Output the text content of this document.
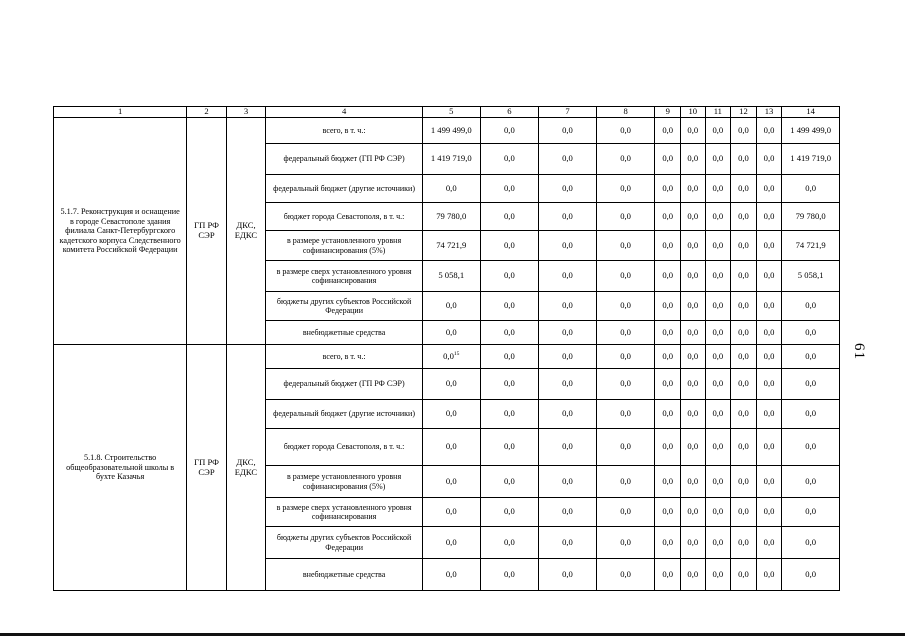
1	2	3	4	5	6	7	8	9	10	11	12	13	14
5.1.7. Реконструкция и оснащение в городе Севастополе здания филиала Санкт-Петербургского кадетского корпуса Следственного комитета Российской Федерации	ГП РФ СЭР	ДКС, ЕДКС	всего, в т. ч.:	1 499 499,0	0,0	0,0	0,0	0,0	0,0	0,0	0,0	0,0	1 499 499,0
			федеральный бюджет (ГП РФ СЭР)	1 419 719,0	0,0	0,0	0,0	0,0	0,0	0,0	0,0	0,0	1 419 719,0
			федеральный бюджет (другие источники)	0,0	0,0	0,0	0,0	0,0	0,0	0,0	0,0	0,0	0,0
			бюджет города Севастополя, в т. ч.:	79 780,0	0,0	0,0	0,0	0,0	0,0	0,0	0,0	0,0	79 780,0
			в размере установленного уровня софинансирования (5%)	74 721,9	0,0	0,0	0,0	0,0	0,0	0,0	0,0	0,0	74 721,9
			в размере сверх установленного уровня софинансирования	5 058,1	0,0	0,0	0,0	0,0	0,0	0,0	0,0	0,0	5 058,1
			бюджеты других субъектов Российской Федерации	0,0	0,0	0,0	0,0	0,0	0,0	0,0	0,0	0,0	0,0
			внебюджетные средства	0,0	0,0	0,0	0,0	0,0	0,0	0,0	0,0	0,0	0,0
5.1.8. Строительство общеобразовательной школы в бухте Казачья	ГП РФ СЭР	ДКС, ЕДКС	всего, в т. ч.:	$0,0^{15}$	0,0	0,0	0,0	0,0	0,0	0,0	0,0	0,0	0,0
			федеральный бюджет (ГП РФ СЭР)	0,0	0,0	0,0	0,0	0,0	0,0	0,0	0,0	0,0	0,0
			федеральный бюджет (другие источники)	0,0	0,0	0,0	0,0	0,0	0,0	0,0	0,0	0,0	0,0
			бюджет города Севастополя, в т. ч.:	0,0	0,0	0,0	0,0	0,0	0,0	0,0	0,0	0,0	0,0
			в размере установленного уровня софинансирования (5%)	0,0	0,0	0,0	0,0	0,0	0,0	0,0	0,0	0,0	0,0
			в размере сверх установленного уровня софинансирования	0,0	0,0	0,0	0,0	0,0	0,0	0,0	0,0	0,0	0,0
			бюджеты других субъектов Российской Федерации	0,0	0,0	0,0	0,0	0,0	0,0	0,0	0,0	0,0	0,0
			внебюджетные средства	0,0	0,0	0,0	0,0	0,0	0,0	0,0	0,0	0,0	0,0
61
